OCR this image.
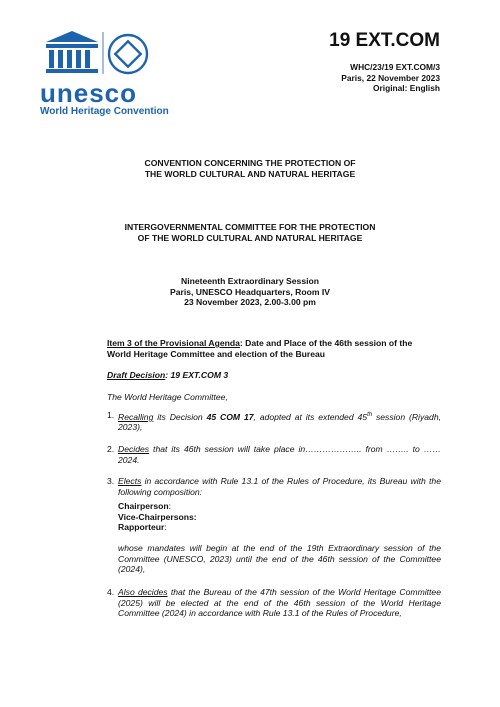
unesco
World Heritage Convention
19 EXT.COM
WHC/23/19 EXT.COM/3
Paris, 22 November 2023
Original: English
CONVENTION CONCERNING THE PROTECTION OF
THE WORLD CULTURAL AND NATURAL HERITAGE
INTERGOVERNMENTAL COMMITTEE FOR THE PROTECTION
OF THE WORLD CULTURAL AND NATURAL HERITAGE
Nineteenth Extraordinary Session
Paris, UNESCO Headquarters, Room IV
23 November 2023, 2.00-3.00 pm
Item 3 of the Provisional Agenda: Date and Place of the 46th session of the
World Heritage Committee and election of the Bureau
Draft Decision: 19 EXT.COM 3
The World Heritage Committee,
1. Recalling its Decision 45 COM 17, adopted at its extended 45th session (Riyadh, 2023),
2. Decides that its 46th session will take place in……………….. from …….. to …… 2024.
3. Elects in accordance with Rule 13.1 of the Rules of Procedure, its Bureau with the following composition:
Chairperson:
Vice-Chairpersons:
Rapporteur:
whose mandates will begin at the end of the 19th Extraordinary session of the Committee (UNESCO, 2023) until the end of the 46th session of the Committee (2024),
4. Also decides that the Bureau of the 47th session of the World Heritage Committee (2025) will be elected at the end of the 46th session of the World Heritage Committee (2024) in accordance with Rule 13.1 of the Rules of Procedure,
